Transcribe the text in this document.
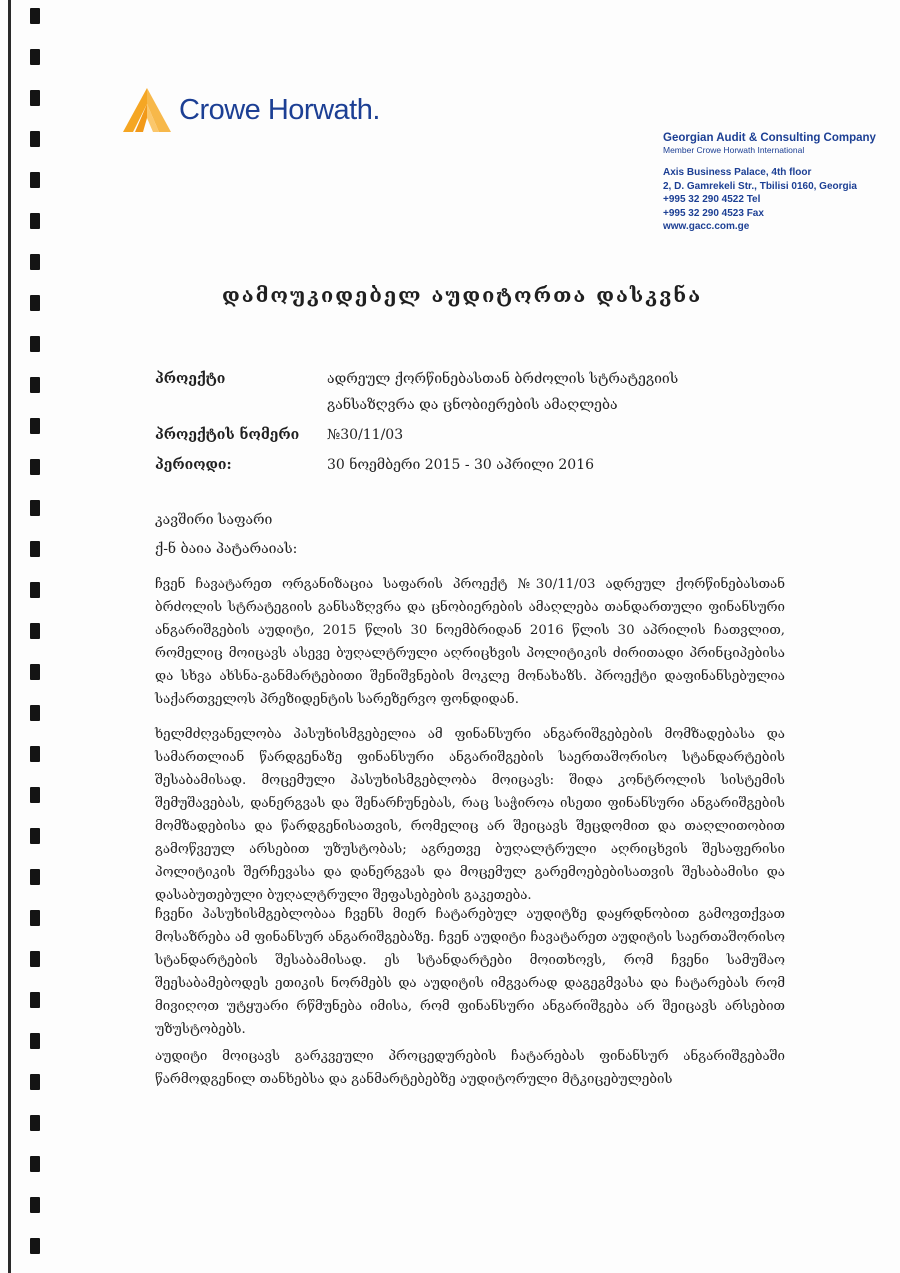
Crowe Horwath.
Georgian Audit & Consulting Company
Member Crowe Horwath International
Axis Business Palace, 4th floor
2, D. Gamrekeli Str., Tbilisi 0160, Georgia
+995 32 290 4522 Tel
+995 32 290 4523 Fax
www.gacc.com.ge
დამოუკიდებელ აუდიტორთა დასკვნა
პროექტი	ადრეულ ქორწინებასთან ბრძოლის სტრატეგიის განსაზღვრა და ცნობიერების ამაღლება
პროექტის ნომერი №30/11/03
პერიოდი:	30 ნოემბერი 2015 - 30 აპრილი 2016
კავშირი საფარი
ქ-ნ ბაია პატარაიას:
ჩვენ ჩავატარეთ ორგანიზაცია საფარის პროექტ №30/11/03 ადრეულ ქორწინებასთან ბრძოლის სტრატეგიის განსაზღვრა და ცნობიერების ამაღლება თანდართული ფინანსური ანგარიშგების აუდიტი, 2015 წლის 30 ნოემბრიდან 2016 წლის 30 აპრილის ჩათვლით, რომელიც მოიცავს ასევე ბუღალტრული აღრიცხვის პოლიტიკის ძირითადი პრინციპებისა და სხვა ახსნა-განმარტებითი შენიშვნების მოკლე მონახაზს. პროექტი დაფინანსებულია საქართველოს პრეზიდენტის სარეზერვო ფონდიდან.
ხელმძღვანელობა პასუხისმგებელია ამ ფინანსური ანგარიშგებების მომზადებასა და სამართლიან წარდგენაზე ფინანსური ანგარიშგების საერთაშორისო სტანდარტების შესაბამისად. მოცემული პასუხისმგებლობა მოიცავს: შიდა კონტროლის სისტემის შემუშავებას, დანერგვას და შენარჩუნებას, რაც საჭიროა ისეთი ფინანსური ანგარიშგების მომზადებისა და წარდგენისათვის, რომელიც არ შეიცავს შეცდომით და თაღლითობით გამოწვეულ არსებით უზუსტობას; აგრეთვე ბუღალტრული აღრიცხვის შესაფერისი პოლიტიკის შერჩევასა და დანერგვას და მოცემულ გარემოებებისათვის შესაბამისი და დასაბუთებული ბუღალტრული შეფასებების გაკეთება.
ჩვენი პასუხისმგებლობაა ჩვენს მიერ ჩატარებულ აუდიტზე დაყრდნობით გამოვთქვათ მოსაზრება ამ ფინანსურ ანგარიშგებაზე. ჩვენ აუდიტი ჩავატარეთ აუდიტის საერთაშორისო სტანდარტების შესაბამისად. ეს სტანდარტები მოითხოვს, რომ ჩვენი სამუშაო შეესაბამებოდეს ეთიკის ნორმებს და აუდიტის იმგვარად დაგეგმვასა და ჩატარებას რომ მივიღოთ უტყუარი რწმუნება იმისა, რომ ფინანსური ანგარიშგება არ შეიცავს არსებით უზუსტობებს.
აუდიტი მოიცავს გარკვეული პროცედურების ჩატარებას ფინანსურ ანგარიშგებაში წარმოდგენილ თანხებსა და განმარტებებზე აუდიტორული მტკიცებულების
